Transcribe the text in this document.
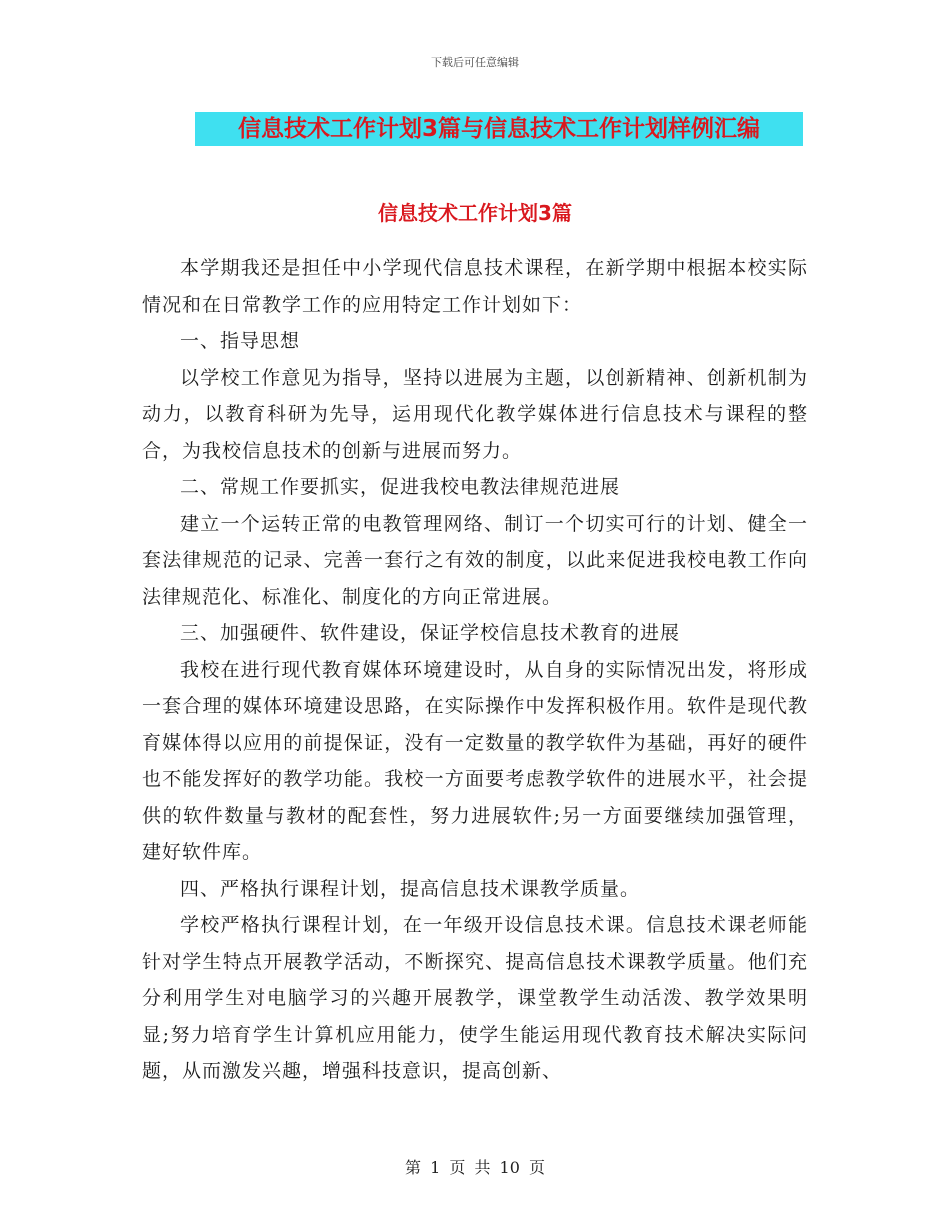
下载后可任意编辑
信息技术工作计划3篇与信息技术工作计划样例汇编
信息技术工作计划3篇

本学期我还是担任中小学现代信息技术课程，在新学期中根据本校实际情况和在日常教学工作的应用特定工作计划如下：

一、指导思想

以学校工作意见为指导，坚持以进展为主题，以创新精神、创新机制为动力，以教育科研为先导，运用现代化教学媒体进行信息技术与课程的整合，为我校信息技术的创新与进展而努力。

二、常规工作要抓实，促进我校电教法律规范进展

建立一个运转正常的电教管理网络、制订一个切实可行的计划、健全一套法律规范的记录、完善一套行之有效的制度，以此来促进我校电教工作向法律规范化、标准化、制度化的方向正常进展。

三、加强硬件、软件建设，保证学校信息技术教育的进展

我校在进行现代教育媒体环境建设时，从自身的实际情况出发，将形成一套合理的媒体环境建设思路，在实际操作中发挥积极作用。软件是现代教育媒体得以应用的前提保证，没有一定数量的教学软件为基础，再好的硬件也不能发挥好的教学功能。我校一方面要考虑教学软件的进展水平，社会提供的软件数量与教材的配套性，努力进展软件;另一方面要继续加强管理，建好软件库。

四、严格执行课程计划，提高信息技术课教学质量。

学校严格执行课程计划，在一年级开设信息技术课。信息技术课老师能针对学生特点开展教学活动，不断探究、提高信息技术课教学质量。他们充分利用学生对电脑学习的兴趣开展教学，课堂教学生动活泼、教学效果明显;努力培育学生计算机应用能力，使学生能运用现代教育技术解决实际问题，从而激发兴趣，增强科技意识，提高创新、

第 1 页 共 10 页
